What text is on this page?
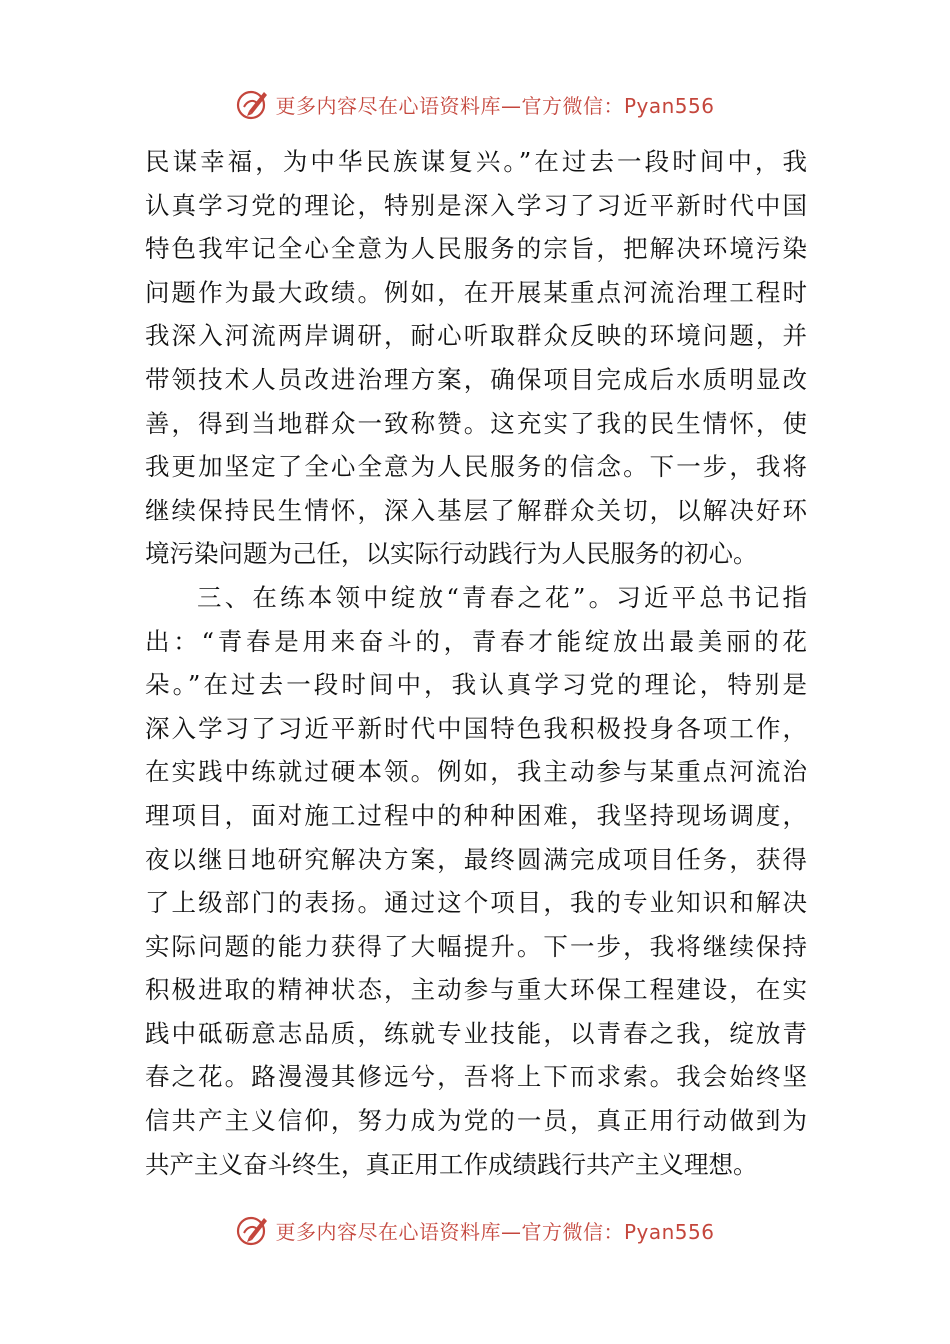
更多内容尽在心语资料库—官方微信：Pyan556
民谋幸福，为中华民族谋复兴。”在过去一段时间中，我
认真学习党的理论，特别是深入学习了习近平新时代中国
特色我牢记全心全意为人民服务的宗旨，把解决环境污染
问题作为最大政绩。例如，在开展某重点河流治理工程时
我深入河流两岸调研，耐心听取群众反映的环境问题，并
带领技术人员改进治理方案，确保项目完成后水质明显改
善，得到当地群众一致称赞。这充实了我的民生情怀，使
我更加坚定了全心全意为人民服务的信念。下一步，我将
继续保持民生情怀，深入基层了解群众关切，以解决好环
境污染问题为己任，以实际行动践行为人民服务的初心。
三、在练本领中绽放“青春之花”。习近平总书记指
出：“青春是用来奋斗的，青春才能绽放出最美丽的花
朵。”在过去一段时间中，我认真学习党的理论，特别是
深入学习了习近平新时代中国特色我积极投身各项工作，
在实践中练就过硬本领。例如，我主动参与某重点河流治
理项目，面对施工过程中的种种困难，我坚持现场调度，
夜以继日地研究解决方案，最终圆满完成项目任务，获得
了上级部门的表扬。通过这个项目，我的专业知识和解决
实际问题的能力获得了大幅提升。下一步，我将继续保持
积极进取的精神状态，主动参与重大环保工程建设，在实
践中砥砺意志品质，练就专业技能，以青春之我，绽放青
春之花。路漫漫其修远兮，吾将上下而求索。我会始终坚
信共产主义信仰，努力成为党的一员，真正用行动做到为
共产主义奋斗终生，真正用工作成绩践行共产主义理想。
更多内容尽在心语资料库—官方微信：Pyan556
